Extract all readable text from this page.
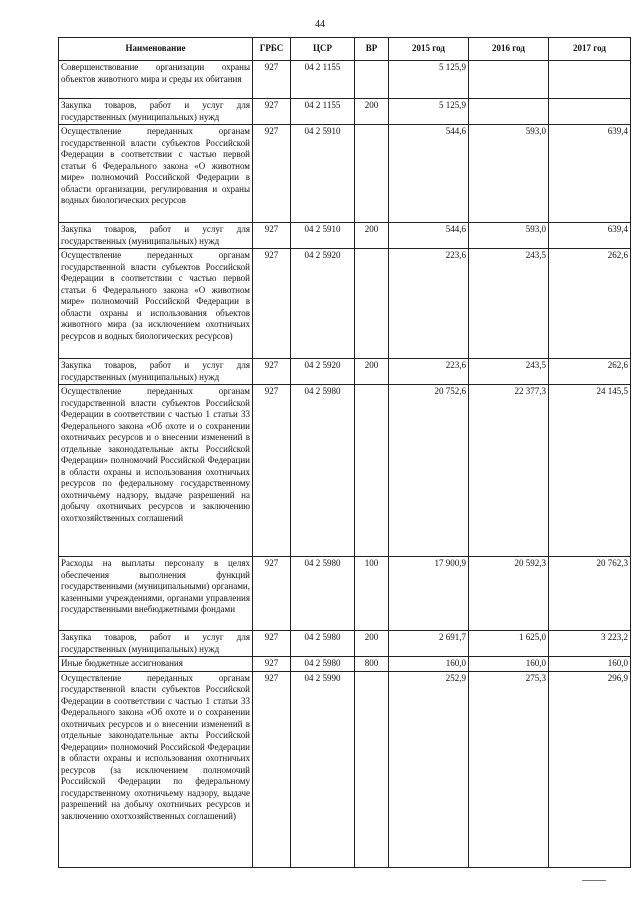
44
Наименование	ГРБС	ЦСР	ВР	2015 год	2016 год	2017 год
Совершенствование организации охраны объектов животного мира и среды их обитания	927	04 2 1155		5 125,9		
Закупка товаров, работ и услуг для государственных (муниципальных) нужд	927	04 2 1155	200	5 125,9		
Осуществление переданных органам государственной власти субъектов Российской Федерации в соответствии с частью первой статьи 6 Федерального закона «О животном мире» полномочий Российской Федерации в области организации, регулирования и охраны водных биологических ресурсов	927	04 2 5910		544,6	593,0	639,4
Закупка товаров, работ и услуг для государственных (муниципальных) нужд	927	04 2 5910	200	544,6	593,0	639,4
Осуществление переданных органам государственной власти субъектов Российской Федерации в соответствии с частью первой статьи 6 Федерального закона «О животном мире» полномочий Российской Федерации в области охраны и использования объектов животного мира (за исключением охотничьих ресурсов и водных биологических ресурсов)	927	04 2 5920		223,6	243,5	262,6
Закупка товаров, работ и услуг для государственных (муниципальных) нужд	927	04 2 5920	200	223,6	243,5	262,6
Осуществление переданных органам государственной власти субъектов Российской Федерации в соответствии с частью 1 статьи 33 Федерального закона «Об охоте и о сохранении охотничьих ресурсов и о внесении изменений в отдельные законодательные акты Российской Федерации» полномочий Российской Федерации в области охраны и использования охотничьих ресурсов по федеральному государственному охотничьему надзору, выдаче разрешений на добычу охотничьих ресурсов и заключению охотхозяйственных соглашений	927	04 2 5980		20 752,6	22 377,3	24 145,5
Расходы на выплаты персоналу в целях обеспечения выполнения функций государственными (муниципальными) органами, казенными учреждениями, органами управления государственными внебюджетными фондами	927	04 2 5980	100	17 900,9	20 592,3	20 762,3
Закупка товаров, работ и услуг для государственных (муниципальных) нужд	927	04 2 5980	200	2 691,7	1 625,0	3 223,2
Иные бюджетные ассигнования	927	04 2 5980	800	160,0	160,0	160,0
Осуществление переданных органам государственной власти субъектов Российской Федерации в соответствии с частью 1 статьи 33 Федерального закона «Об охоте и о сохранении охотничьих ресурсов и о внесении изменений в отдельные законодательные акты Российской Федерации» полномочий Российской Федерации в области охраны и использования охотничьих ресурсов (за исключением полномочий Российской Федерации по федеральному государственному охотничьему надзору, выдаче разрешений на добычу охотничьих ресурсов и заключению охотхозяйственных соглашений)	927	04 2 5990		252,9	275,3	296,9
